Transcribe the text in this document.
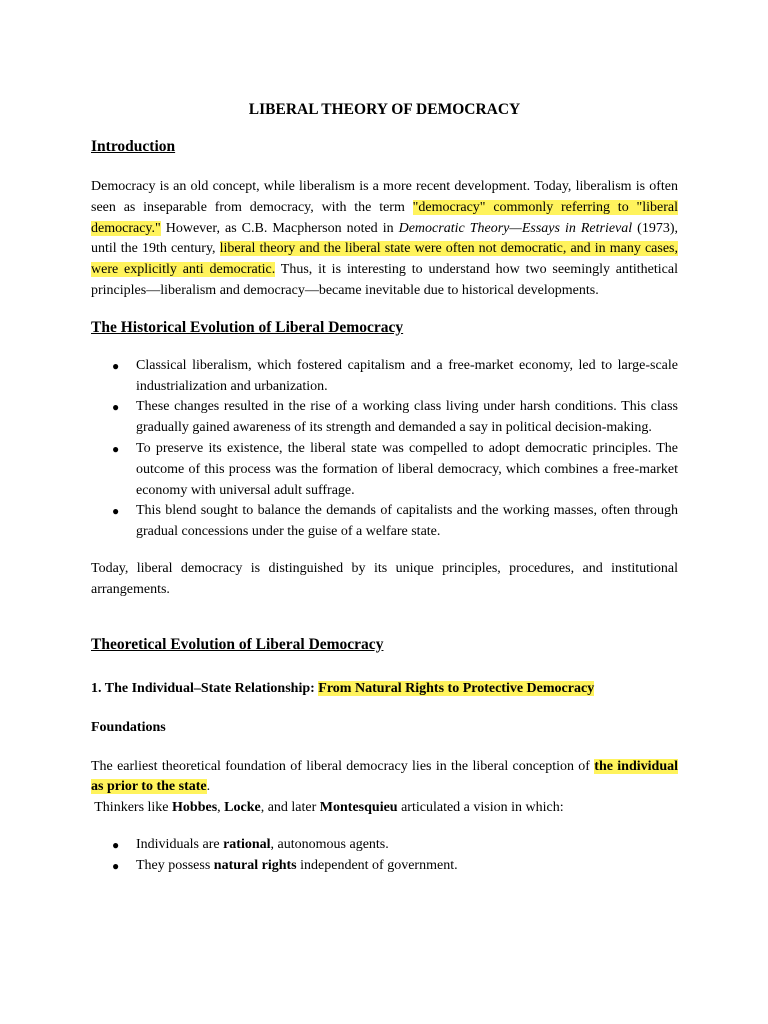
LIBERAL THEORY OF DEMOCRACY
Introduction

Democracy is an old concept, while liberalism is a more recent development. Today, liberalism is often seen as inseparable from democracy, with the term "democracy" commonly referring to "liberal democracy." However, as C.B. Macpherson noted in Democratic Theory—Essays in Retrieval (1973), until the 19th century, liberal theory and the liberal state were often not democratic, and in many cases, were explicitly anti democratic. Thus, it is interesting to understand how two seemingly antithetical principles—liberalism and democracy—became inevitable due to historical developments.

The Historical Evolution of Liberal Democracy
● Classical liberalism, which fostered capitalism and a free-market economy, led to large-scale industrialization and urbanization.
● These changes resulted in the rise of a working class living under harsh conditions. This class gradually gained awareness of its strength and demanded a say in political decision-making.
● To preserve its existence, the liberal state was compelled to adopt democratic principles. The outcome of this process was the formation of liberal democracy, which combines a free-market economy with universal adult suffrage.
● This blend sought to balance the demands of capitalists and the working masses, often through gradual concessions under the guise of a welfare state.

Today, liberal democracy is distinguished by its unique principles, procedures, and institutional arrangements.

Theoretical Evolution of Liberal Democracy
1. The Individual–State Relationship: From Natural Rights to Protective Democracy
Foundations

The earliest theoretical foundation of liberal democracy lies in the liberal conception of the individual as prior to the state.

Thinkers like Hobbes, Locke, and later Montesquieu articulated a vision in which:

● Individuals are rational, autonomous agents.
● They possess natural rights independent of government.
